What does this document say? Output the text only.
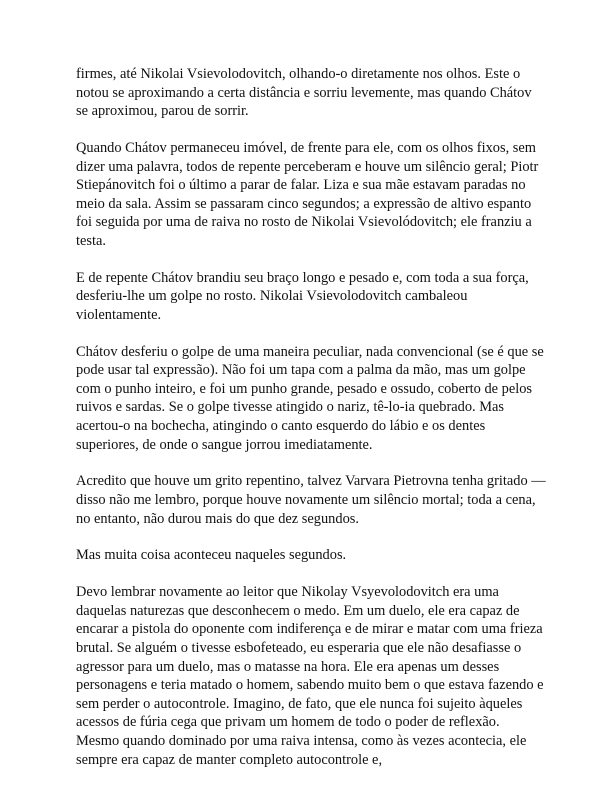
firmes, até Nikolai Vsievolodovitch, olhando-o diretamente nos olhos. Este o notou se aproximando a certa distância e sorriu levemente, mas quando Chátov se aproximou, parou de sorrir.

Quando Chátov permaneceu imóvel, de frente para ele, com os olhos fixos, sem dizer uma palavra, todos de repente perceberam e houve um silêncio geral; Piotr Stiepánovitch foi o último a parar de falar. Liza e sua mãe estavam paradas no meio da sala. Assim se passaram cinco segundos; a expressão de altivo espanto foi seguida por uma de raiva no rosto de Nikolai Vsievolódovitch; ele franziu a testa.

E de repente Chátov brandiu seu braço longo e pesado e, com toda a sua força, desferiu-lhe um golpe no rosto. Nikolai Vsievolodovitch cambaleou violentamente.

Chátov desferiu o golpe de uma maneira peculiar, nada convencional (se é que se pode usar tal expressão). Não foi um tapa com a palma da mão, mas um golpe com o punho inteiro, e foi um punho grande, pesado e ossudo, coberto de pelos ruivos e sardas. Se o golpe tivesse atingido o nariz, tê-lo-ia quebrado. Mas acertou-o na bochecha, atingindo o canto esquerdo do lábio e os dentes superiores, de onde o sangue jorrou imediatamente.

Acredito que houve um grito repentino, talvez Varvara Pietrovna tenha gritado — disso não me lembro, porque houve novamente um silêncio mortal; toda a cena, no entanto, não durou mais do que dez segundos.

Mas muita coisa aconteceu naqueles segundos.

Devo lembrar novamente ao leitor que Nikolay Vsyevolodovitch era uma daquelas naturezas que desconhecem o medo. Em um duelo, ele era capaz de encarar a pistola do oponente com indiferença e de mirar e matar com uma frieza brutal. Se alguém o tivesse esbofeteado, eu esperaria que ele não desafiasse o agressor para um duelo, mas o matasse na hora. Ele era apenas um desses personagens e teria matado o homem, sabendo muito bem o que estava fazendo e sem perder o autocontrole. Imagino, de fato, que ele nunca foi sujeito àqueles acessos de fúria cega que privam um homem de todo o poder de reflexão. Mesmo quando dominado por uma raiva intensa, como às vezes acontecia, ele sempre era capaz de manter completo autocontrole e,
